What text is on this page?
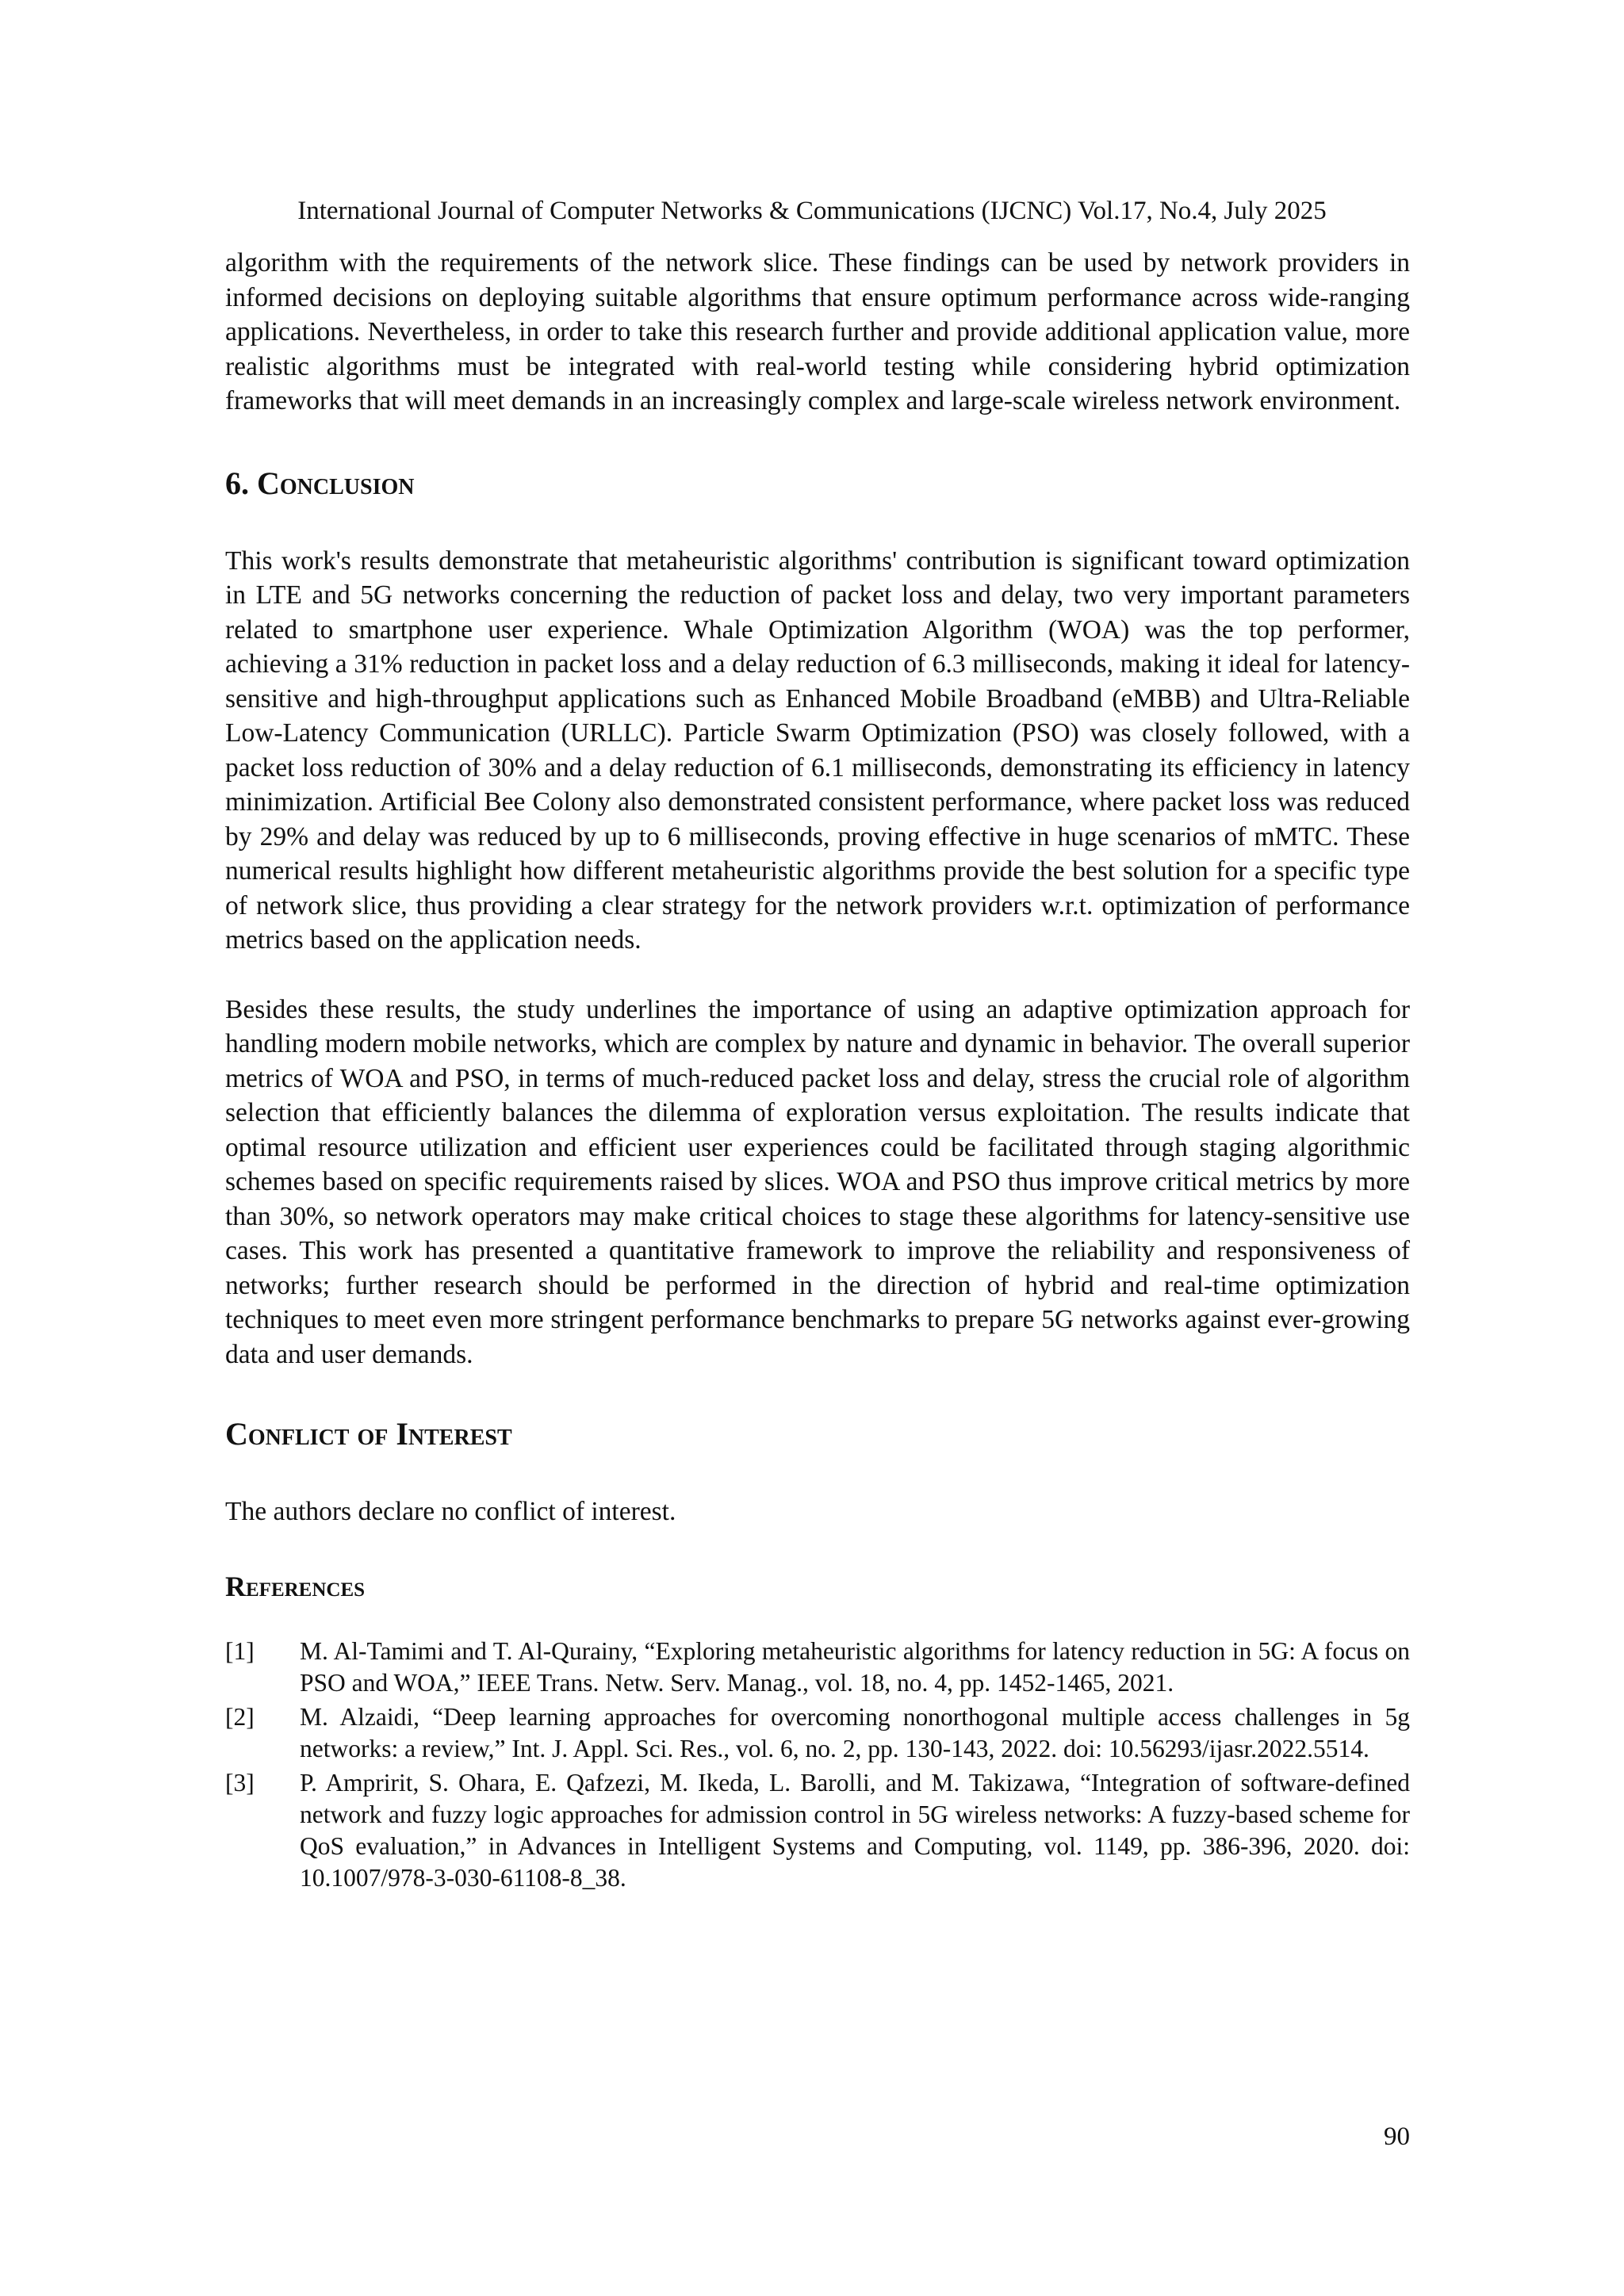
International Journal of Computer Networks & Communications (IJCNC) Vol.17, No.4, July 2025

algorithm with the requirements of the network slice. These findings can be used by network providers in informed decisions on deploying suitable algorithms that ensure optimum performance across wide-ranging applications. Nevertheless, in order to take this research further and provide additional application value, more realistic algorithms must be integrated with real-world testing while considering hybrid optimization frameworks that will meet demands in an increasingly complex and large-scale wireless network environment.

6. Conclusion

This work's results demonstrate that metaheuristic algorithms' contribution is significant toward optimization in LTE and 5G networks concerning the reduction of packet loss and delay, two very important parameters related to smartphone user experience. Whale Optimization Algorithm (WOA) was the top performer, achieving a 31% reduction in packet loss and a delay reduction of 6.3 milliseconds, making it ideal for latency-sensitive and high-throughput applications such as Enhanced Mobile Broadband (eMBB) and Ultra-Reliable Low-Latency Communication (URLLC). Particle Swarm Optimization (PSO) was closely followed, with a packet loss reduction of 30% and a delay reduction of 6.1 milliseconds, demonstrating its efficiency in latency minimization. Artificial Bee Colony also demonstrated consistent performance, where packet loss was reduced by 29% and delay was reduced by up to 6 milliseconds, proving effective in huge scenarios of mMTC. These numerical results highlight how different metaheuristic algorithms provide the best solution for a specific type of network slice, thus providing a clear strategy for the network providers w.r.t. optimization of performance metrics based on the application needs.

Besides these results, the study underlines the importance of using an adaptive optimization approach for handling modern mobile networks, which are complex by nature and dynamic in behavior. The overall superior metrics of WOA and PSO, in terms of much-reduced packet loss and delay, stress the crucial role of algorithm selection that efficiently balances the dilemma of exploration versus exploitation. The results indicate that optimal resource utilization and efficient user experiences could be facilitated through staging algorithmic schemes based on specific requirements raised by slices. WOA and PSO thus improve critical metrics by more than 30%, so network operators may make critical choices to stage these algorithms for latency-sensitive use cases. This work has presented a quantitative framework to improve the reliability and responsiveness of networks; further research should be performed in the direction of hybrid and real-time optimization techniques to meet even more stringent performance benchmarks to prepare 5G networks against ever-growing data and user demands.

Conflict of Interest

The authors declare no conflict of interest.

References
[1]	M. Al-Tamimi and T. Al-Qurainy, “Exploring metaheuristic algorithms for latency reduction in 5G: A focus on PSO and WOA,” IEEE Trans. Netw. Serv. Manag., vol. 18, no. 4, pp. 1452-1465, 2021.
[2]	M. Alzaidi, “Deep learning approaches for overcoming nonorthogonal multiple access challenges in 5g networks: a review,” Int. J. Appl. Sci. Res., vol. 6, no. 2, pp. 130-143, 2022. doi: 10.56293/ijasr.2022.5514.
[3]	P. Ampririt, S. Ohara, E. Qafzezi, M. Ikeda, L. Barolli, and M. Takizawa, “Integration of software-defined network and fuzzy logic approaches for admission control in 5G wireless networks: A fuzzy-based scheme for QoS evaluation,” in Advances in Intelligent Systems and Computing, vol. 1149, pp. 386-396, 2020. doi: 10.1007/978-3-030-61108-8_38.
90
